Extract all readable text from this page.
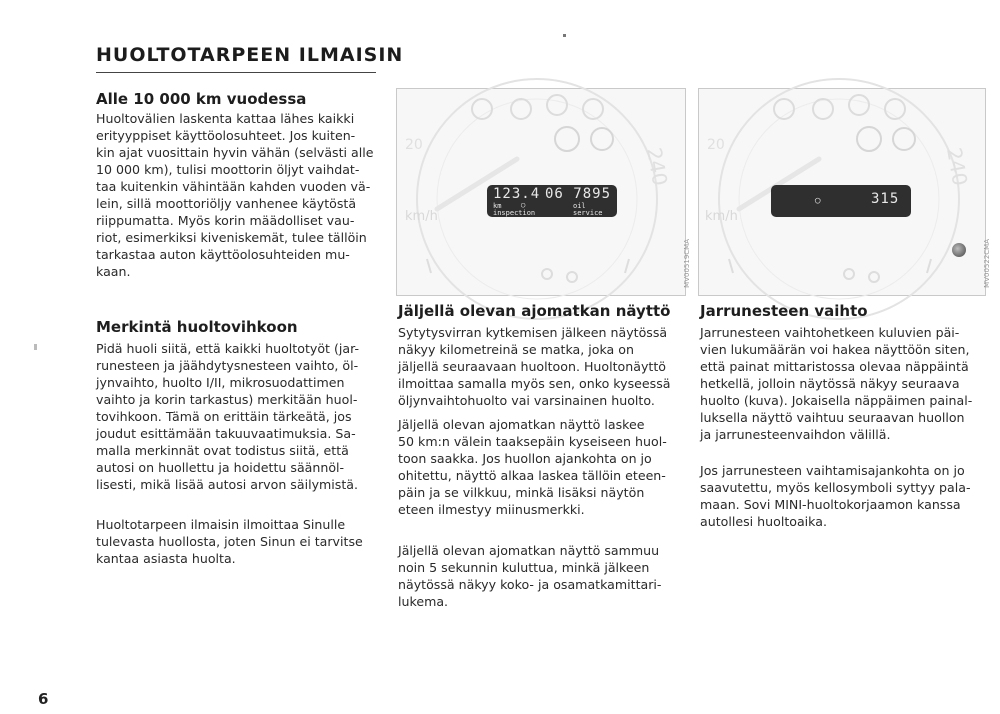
HUOLTOTARPEEN ILMAISIN
Alle 10 000 km vuodessa
Huoltovälien laskenta kattaa lähes kaikki
erityyppiset käyttöolosuhteet. Jos kuiten-
kin ajat vuosittain hyvin vähän (selvästi alle
10 000 km), tulisi moottorin öljyt vaihdat-
taa kuitenkin vähintään kahden vuoden vä-
lein, sillä moottoriöljy vanhenee käytöstä
riippumatta. Myös korin määdolliset vau-
riot, esimerkiksi kiveniskemät, tulee tällöin
tarkastaa auton käyttöolosuhteiden mu-
kaan.
Merkintä huoltovihkoon
Pidä huoli siitä, että kaikki huoltotyöt (jar-
runesteen ja jäähdytysnesteen vaihto, öl-
jynvaihto, huolto I/II, mikrosuodattimen
vaihto ja korin tarkastus) merkitään huol-
tovihkoon. Tämä on erittäin tärkeätä, jos
joudut esittämään takuuvaatimuksia. Sa-
malla merkinnät ovat todistus siitä, että
autosi on huollettu ja hoidettu säännöl-
lisesti, mikä lisää autosi arvon säilymistä.
Huoltotarpeen ilmaisin ilmoittaa Sinulle
tulevasta huollosta, joten Sinun ei tarvitse
kantaa asiasta huolta.
240
20
km/h
123.4 06 7895
km
inspection
◯	oil
service
MV00519CMA
240
20
km/h
◯	315
MV00522CMA
Jäljellä olevan ajomatkan näyttö
Sytytysvirran kytkemisen jälkeen näytössä
näkyy kilometreinä se matka, joka on
jäljellä seuraavaan huoltoon. Huoltonäyttö
ilmoittaa samalla myös sen, onko kyseessä
öljynvaihtohuolto vai varsinainen huolto.
Jäljellä olevan ajomatkan näyttö laskee
50 km:n välein taaksepäin kyseiseen huol-
toon saakka. Jos huollon ajankohta on jo
ohitettu, näyttö alkaa laskea tällöin eteen-
päin ja se vilkkuu, minkä lisäksi näytön
eteen ilmestyy miinusmerkki.
Jäljellä olevan ajomatkan näyttö sammuu
noin 5 sekunnin kuluttua, minkä jälkeen
näytössä näkyy koko- ja osamatkamittari-
lukema.
Jarrunesteen vaihto
Jarrunesteen vaihtohetkeen kuluvien päi-
vien lukumäärän voi hakea näyttöön siten,
että painat mittaristossa olevaa näppäintä
hetkellä, jolloin näytössä näkyy seuraava
huolto (kuva). Jokaisella näppäimen painal-
luksella näyttö vaihtuu seuraavan huollon
ja jarrunesteenvaihdon välillä.
Jos jarrunesteen vaihtamisajankohta on jo
saavutettu, myös kellosymboli syttyy pala-
maan. Sovi MINI-huoltokorjaamon kanssa
autollesi huoltoaika.
6
